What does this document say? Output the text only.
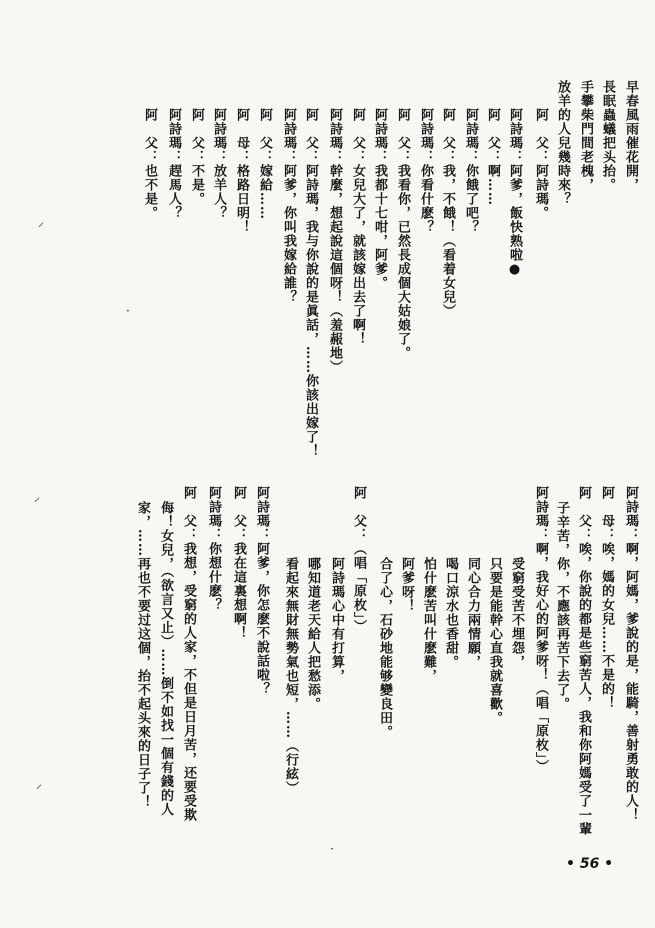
早春風雨催花開，
長眠蟲蟻把头抬。
手攀柴門間老槐，
放羊的人兒幾時來？
阿　父：阿詩瑪。
阿詩瑪：阿爹，飯快熟啦●
阿　父：啊……
阿詩瑪：你餓了吧？
阿　父：我，不餓！（看着女兒）
阿詩瑪：你看什麽？
阿　父：我看你，已然長成個大姑娘了。
阿詩瑪：我都十七咁，阿爹。
阿　父：女兒大了，就該嫁出去了啊！
阿詩瑪：幹麼，想起說這個呀！（羞赧地）
阿　父：阿詩瑪，我与你說的是眞話，……你該出嫁了！
阿詩瑪：阿爹，你叫我嫁給誰？
阿　父：嫁給……
阿　母：格路日明！
阿詩瑪：放羊人？
阿　父：不是。
阿詩瑪：趕馬人？
阿　父：也不是。
阿詩瑪：啊，阿媽，爹說的是，能騎，善射勇敢的人！
阿　母：唉，媽的女兒……不是的！
阿　父：唉，你說的都是些窮苦人，我和你阿媽受了一輩
子辛苦，你，不應該再苦下去了。
阿詩瑪：啊，我好心的阿爹呀！（唱「原枚」）
受窮受苦不埋怨，
只要是能幹心直我就喜歡。
同心合力兩情願，
喝口涼水也香甜。
怕什麽苦叫什麽難，
阿爹呀！
合了心，石砂地能够變良田。
阿　父：（唱「原枚」）
阿詩瑪心中有打算，
哪知道老天給人把愁添。
看起來無財無勢氣也短，……（行絃）
阿詩瑪：阿爹，你怎麽不說話啦？
阿　父：我在這裏想啊！
阿詩瑪：你想什麽？
阿　父：我想，受窮的人家，不但是日月苦，还要受欺
侮！女兒，（欲言又止）……倒不如找一個有錢的人
家，……再也不要过这個，抬不起头來的日子了！
⸝
⸝
⸝
·
·
• 56 •
